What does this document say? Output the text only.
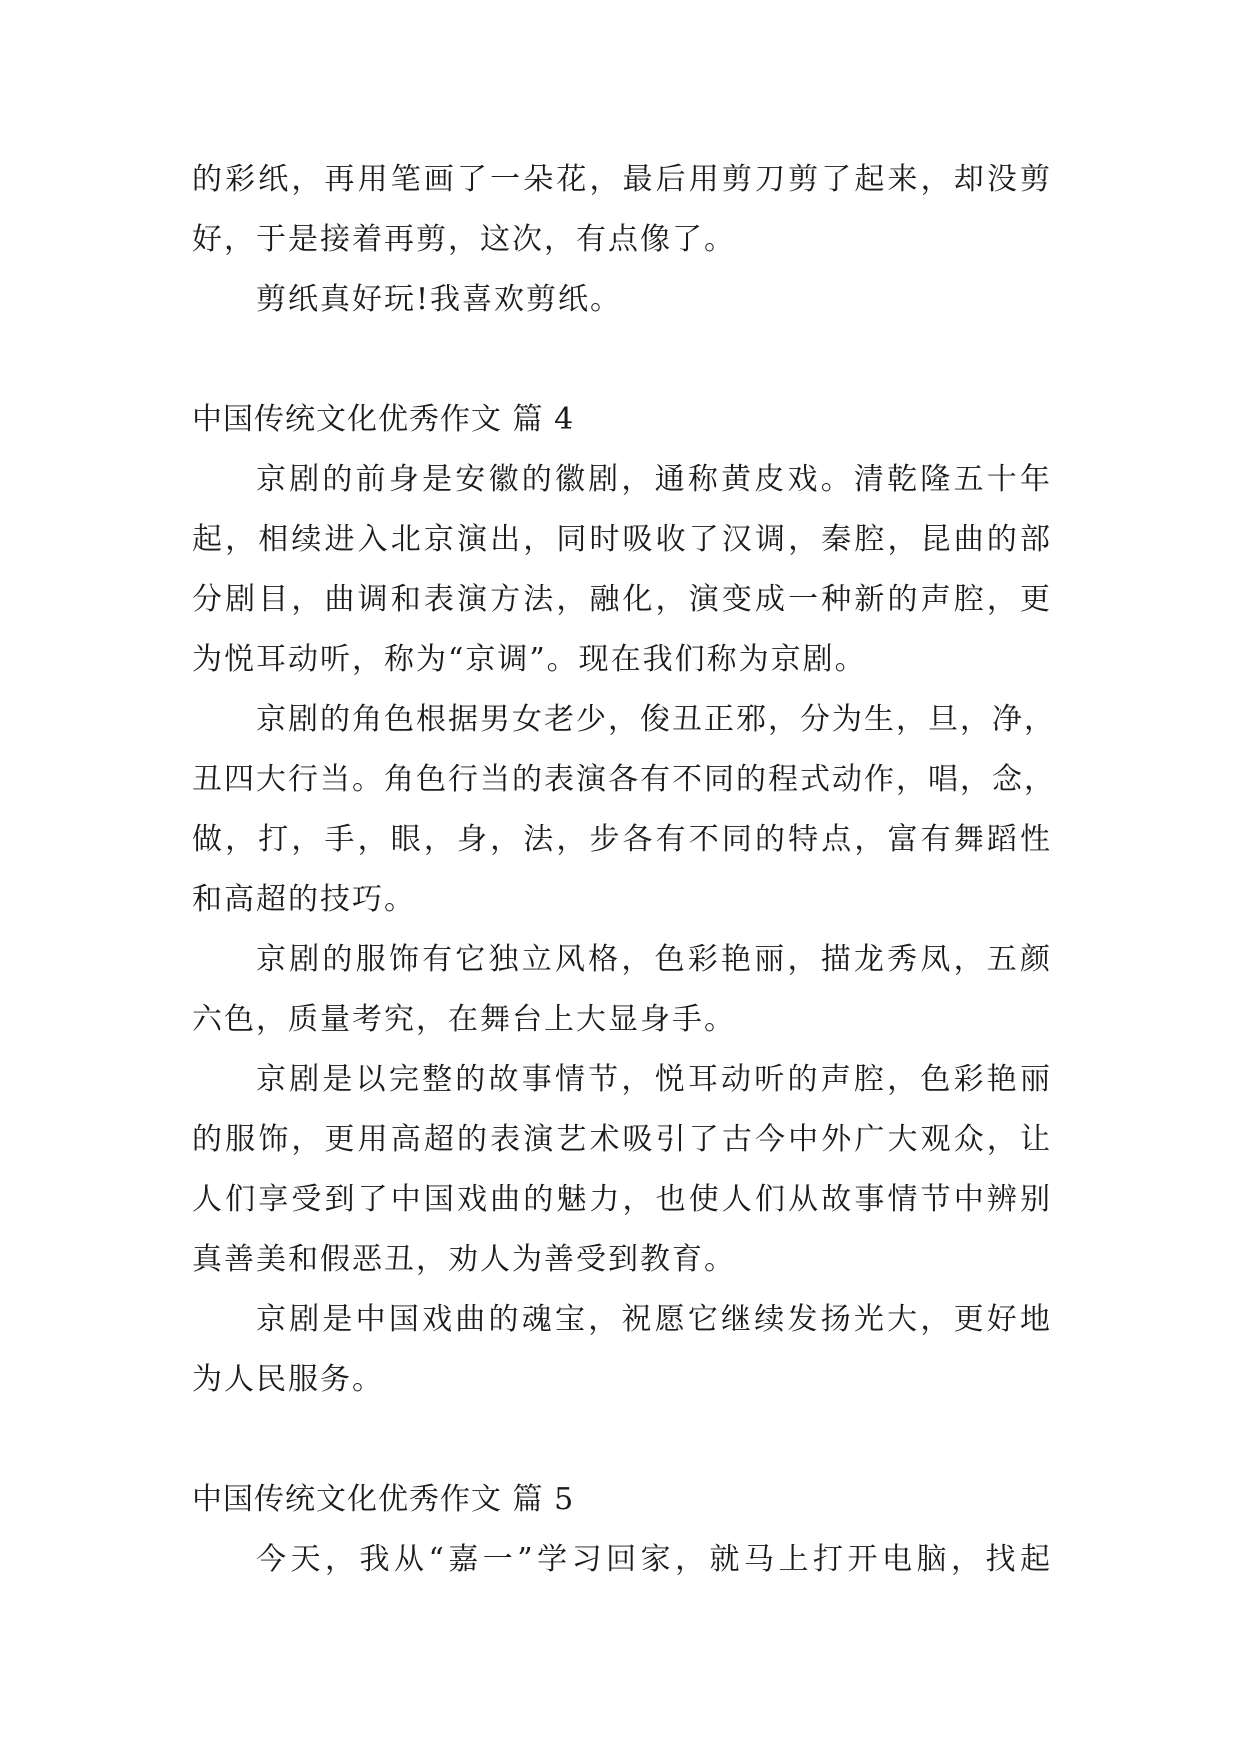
的彩纸，再用笔画了一朵花，最后用剪刀剪了起来，却没剪
好，于是接着再剪，这次，有点像了。
剪纸真好玩!我喜欢剪纸。
中国传统文化优秀作文 篇 4
京剧的前身是安徽的徽剧，通称黄皮戏。清乾隆五十年
起，相续进入北京演出，同时吸收了汉调，秦腔，昆曲的部
分剧目，曲调和表演方法，融化，演变成一种新的声腔，更
为悦耳动听，称为“京调”。现在我们称为京剧。
京剧的角色根据男女老少，俊丑正邪，分为生，旦，净，
丑四大行当。角色行当的表演各有不同的程式动作，唱，念，
做，打，手，眼，身，法，步各有不同的特点，富有舞蹈性
和高超的技巧。
京剧的服饰有它独立风格，色彩艳丽，描龙秀凤，五颜
六色，质量考究，在舞台上大显身手。
京剧是以完整的故事情节，悦耳动听的声腔，色彩艳丽
的服饰，更用高超的表演艺术吸引了古今中外广大观众，让
人们享受到了中国戏曲的魅力，也使人们从故事情节中辨别
真善美和假恶丑，劝人为善受到教育。
京剧是中国戏曲的魂宝，祝愿它继续发扬光大，更好地
为人民服务。
中国传统文化优秀作文 篇 5
今天，我从“嘉一”学习回家，就马上打开电脑，找起
